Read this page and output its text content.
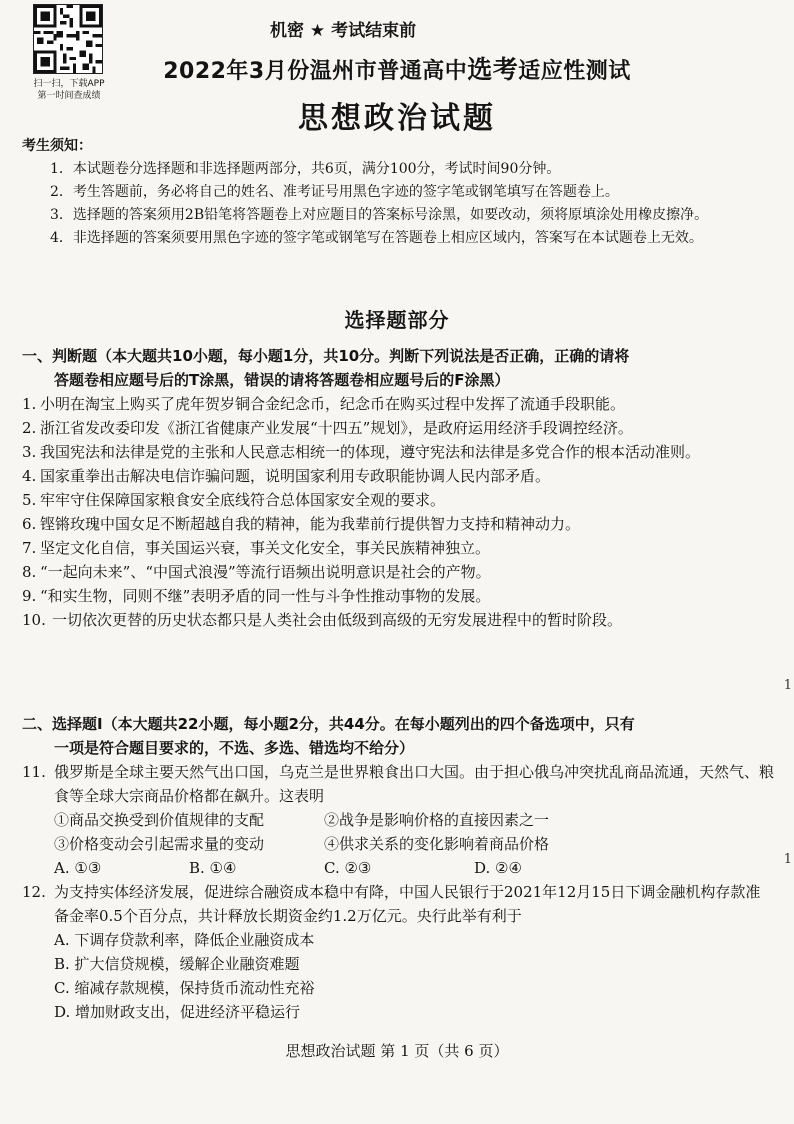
扫一扫，下载APP
第一时间查成绩
机密 ★ 考试结束前
2022年3月份温州市普通高中选考适应性测试
思想政治试题
考生须知：
1．本试题卷分选择题和非选择题两部分，共6页，满分100分，考试时间90分钟。
2．考生答题前，务必将自己的姓名、准考证号用黑色字迹的签字笔或钢笔填写在答题卷上。
3．选择题的答案须用2B铅笔将答题卷上对应题目的答案标号涂黑，如要改动，须将原填涂处用橡皮擦净。
4．非选择题的答案须要用黑色字迹的签字笔或钢笔写在答题卷上相应区域内，答案写在本试题卷上无效。
选择题部分
一、判断题（本大题共10小题，每小题1分，共10分。判断下列说法是否正确，正确的请将
答题卷相应题号后的T涂黑，错误的请将答题卷相应题号后的F涂黑）
1. 小明在淘宝上购买了虎年贺岁铜合金纪念币，纪念币在购买过程中发挥了流通手段职能。
2. 浙江省发改委印发《浙江省健康产业发展“十四五”规划》，是政府运用经济手段调控经济。
3. 我国宪法和法律是党的主张和人民意志相统一的体现，遵守宪法和法律是多党合作的根本活动准则。
4. 国家重拳出击解决电信诈骗问题，说明国家利用专政职能协调人民内部矛盾。
5. 牢牢守住保障国家粮食安全底线符合总体国家安全观的要求。
6. 铿锵玫瑰中国女足不断超越自我的精神，能为我辈前行提供智力支持和精神动力。
7. 坚定文化自信，事关国运兴衰，事关文化安全，事关民族精神独立。
8. “一起向未来”、“中国式浪漫”等流行语频出说明意识是社会的产物。
9. “和实生物，同则不继”表明矛盾的同一性与斗争性推动事物的发展。
10. 一切依次更替的历史状态都只是人类社会由低级到高级的无穷发展进程中的暂时阶段。
二、选择题Ⅰ（本大题共22小题，每小题2分，共44分。在每小题列出的四个备选项中，只有
一项是符合题目要求的，不选、多选、错选均不给分）
11. 俄罗斯是全球主要天然气出口国，乌克兰是世界粮食出口大国。由于担心俄乌冲突扰乱商品流通，天然气、粮食等全球大宗商品价格都在飙升。这表明
①商品交换受到价值规律的支配	②战争是影响价格的直接因素之一
③价格变动会引起需求量的变动	④供求关系的变化影响着商品价格
A. ①③	B. ①④	C. ②③	D. ②④
12. 为支持实体经济发展，促进综合融资成本稳中有降，中国人民银行于2021年12月15日下调金融机构存款准备金率0.5个百分点，共计释放长期资金约1.2万亿元。央行此举有利于
A. 下调存贷款利率，降低企业融资成本
B. 扩大信贷规模，缓解企业融资难题
C. 缩减存款规模，保持货币流动性充裕
D. 增加财政支出，促进经济平稳运行
思想政治试题 第 1 页（共 6 页）
1
1
